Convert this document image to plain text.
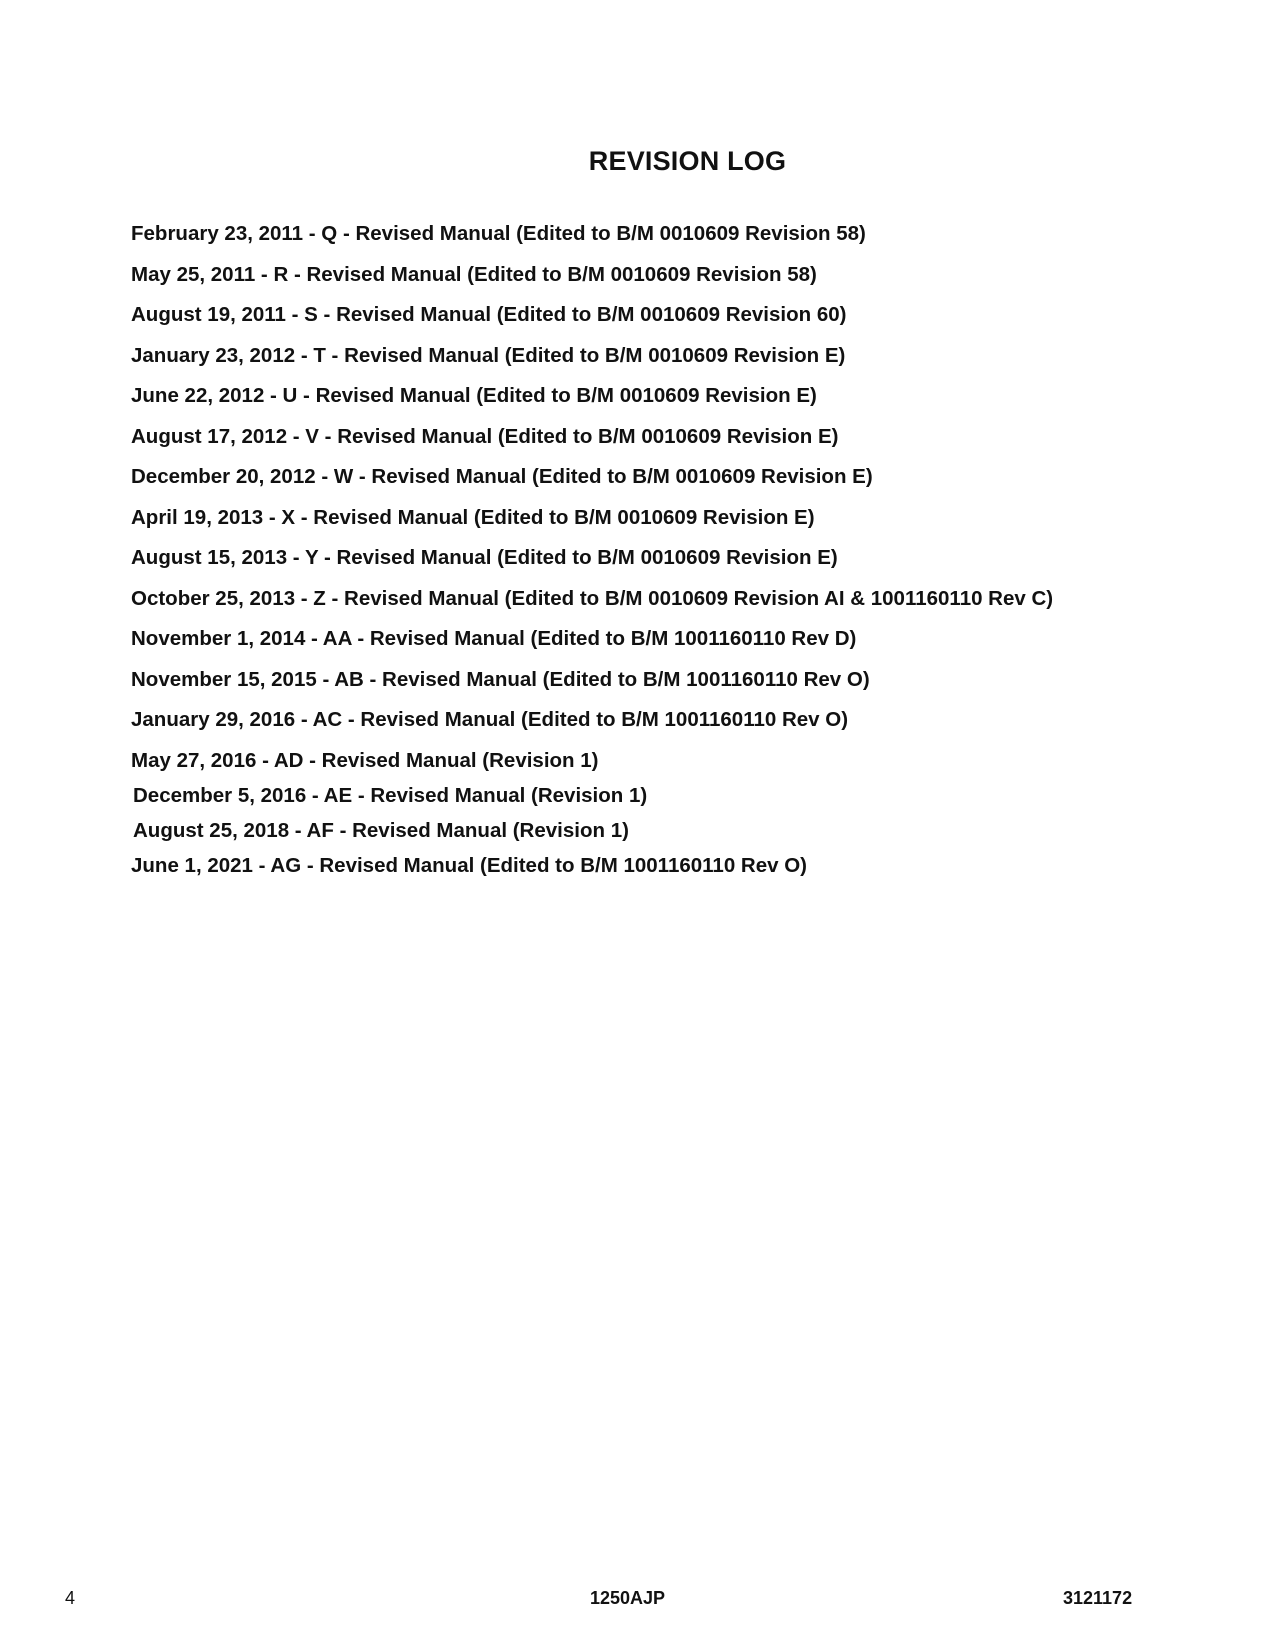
REVISION LOG
February 23, 2011 - Q - Revised Manual (Edited to B/M 0010609 Revision 58)
May 25, 2011 - R - Revised Manual (Edited to B/M 0010609 Revision 58)
August 19, 2011 - S - Revised Manual (Edited to B/M 0010609 Revision 60)
January 23, 2012 - T - Revised Manual (Edited to B/M 0010609 Revision E)
June 22, 2012 - U - Revised Manual (Edited to B/M 0010609 Revision E)
August 17, 2012 - V - Revised Manual (Edited to B/M 0010609 Revision E)
December 20, 2012 - W - Revised Manual (Edited to B/M 0010609 Revision E)
April 19, 2013 - X - Revised Manual (Edited to B/M 0010609 Revision E)
August 15, 2013 - Y - Revised Manual (Edited to B/M 0010609 Revision E)
October 25, 2013 - Z - Revised Manual (Edited to B/M 0010609 Revision AI & 1001160110 Rev C)
November 1, 2014 - AA - Revised Manual (Edited to B/M 1001160110 Rev D)
November 15, 2015 - AB - Revised Manual (Edited to B/M 1001160110 Rev O)
January 29, 2016 - AC - Revised Manual (Edited to B/M 1001160110 Rev O)
May 27, 2016 - AD - Revised Manual (Revision 1)
December 5, 2016 - AE - Revised Manual (Revision 1)
August 25, 2018 - AF - Revised Manual (Revision 1)
June 1, 2021 - AG - Revised Manual (Edited to B/M 1001160110 Rev O)
4	1250AJP	3121172
